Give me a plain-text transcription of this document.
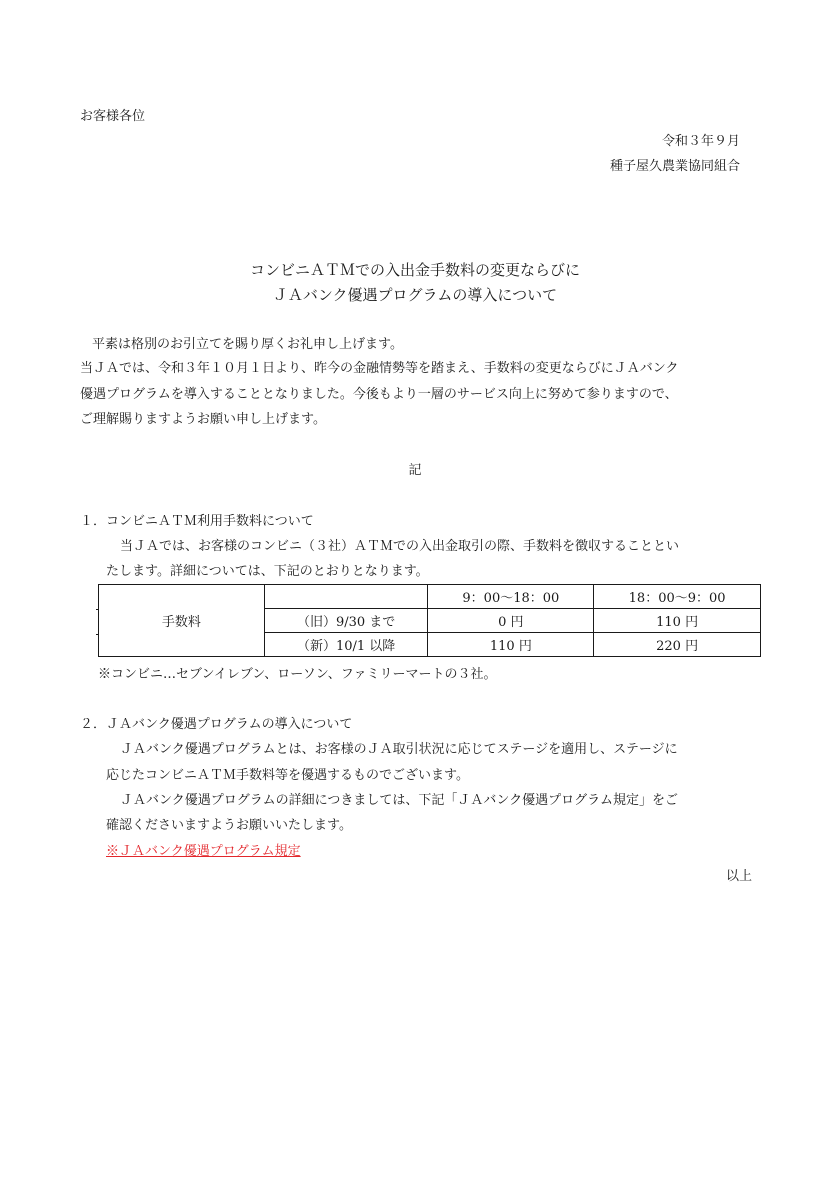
お客様各位
令和３年９月
種子屋久農業協同組合
コンビニＡＴＭでの入出金手数料の変更ならびに
ＪＡバンク優遇プログラムの導入について
平素は格別のお引立てを賜り厚くお礼申し上げます。
当ＪＡでは、令和３年１０月１日より、昨今の金融情勢等を踏まえ、手数料の変更ならびにＪＡバンク
優遇プログラムを導入することとなりました。今後もより一層のサービス向上に努めて参りますので、
ご理解賜りますようお願い申し上げます。
記
１．コンビニＡＴＭ利用手数料について
当ＪＡでは、お客様のコンビニ（３社）ＡＴＭでの入出金取引の際、手数料を徴収することとい
たします。詳細については、下記のとおりとなります。
手数料		9：00〜18：00	18：00〜9：00
	（旧）9/30 まで	0 円	110 円
	（新）10/1 以降	110 円	220 円
※コンビニ…セブンイレブン、ローソン、ファミリーマートの３社。
２．ＪＡバンク優遇プログラムの導入について
ＪＡバンク優遇プログラムとは、お客様のＪＡ取引状況に応じてステージを適用し、ステージに
応じたコンビニＡＴＭ手数料等を優遇するものでございます。
ＪＡバンク優遇プログラムの詳細につきましては、下記「ＪＡバンク優遇プログラム規定」をご
確認くださいますようお願いいたします。
※ＪＡバンク優遇プログラム規定
以上
